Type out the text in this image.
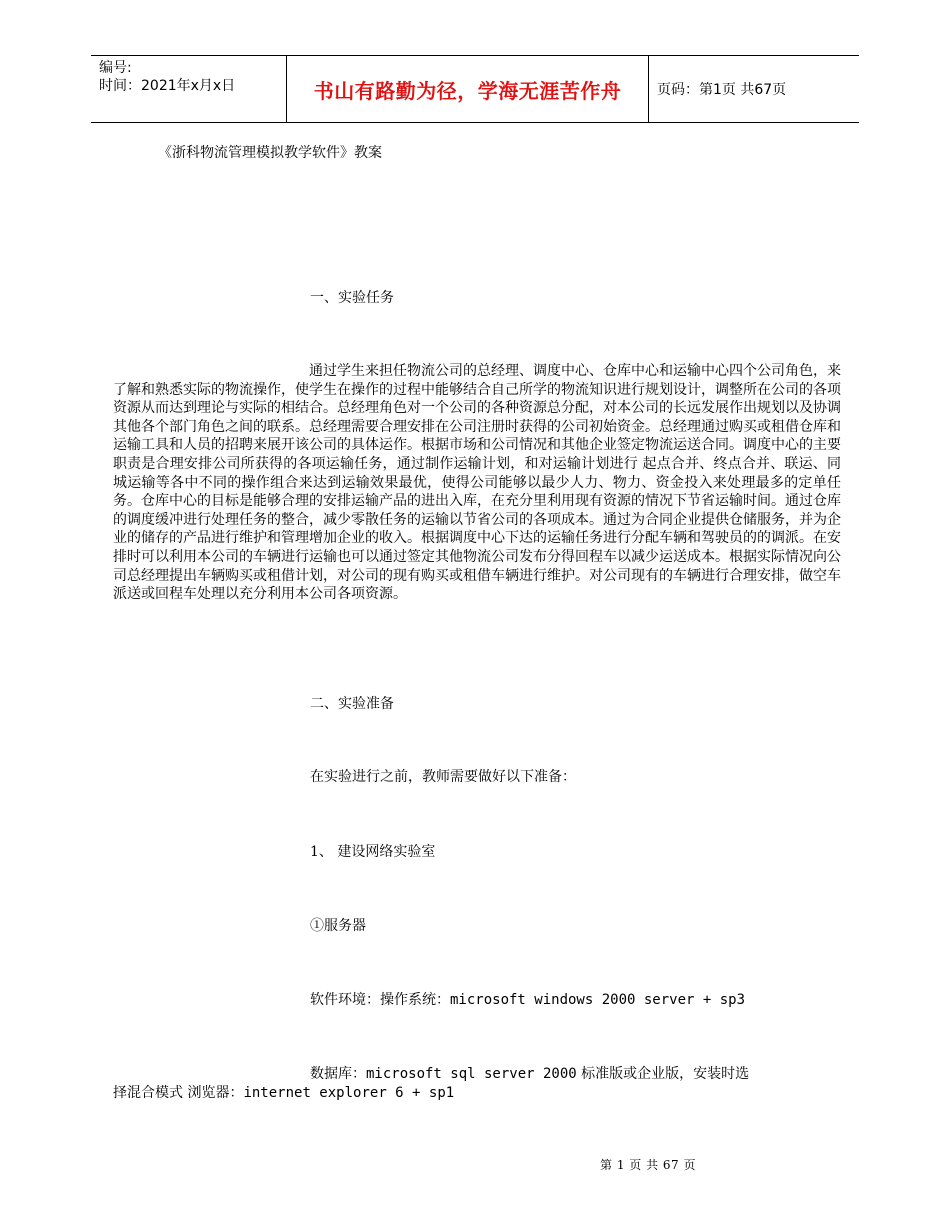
编号:
时间：2021年x月x日	书山有路勤为径，学海无涯苦作舟	页码：第1页 共67页
《浙科物流管理模拟教学软件》教案
一、实验任务
通过学生来担任物流公司的总经理、调度中心、仓库中心和运输中心四个公司角色，来了解和熟悉实际的物流操作，使学生在操作的过程中能够结合自己所学的物流知识进行规划设计，调整所在公司的各项资源从而达到理论与实际的相结合。总经理角色对一个公司的各种资源总分配，对本公司的长远发展作出规划以及协调其他各个部门角色之间的联系。总经理需要合理安排在公司注册时获得的公司初始资金。总经理通过购买或租借仓库和运输工具和人员的招聘来展开该公司的具体运作。根据市场和公司情况和其他企业签定物流运送合同。调度中心的主要职责是合理安排公司所获得的各项运输任务，通过制作运输计划，和对运输计划进行 起点合并、终点合并、联运、同城运输等各中不同的操作组合来达到运输效果最优，使得公司能够以最少人力、物力、资金投入来处理最多的定单任务。仓库中心的目标是能够合理的安排运输产品的进出入库，在充分里利用现有资源的情况下节省运输时间。通过仓库的调度缓冲进行处理任务的整合，减少零散任务的运输以节省公司的各项成本。通过为合同企业提供仓储服务，并为企业的储存的产品进行维护和管理增加企业的收入。根据调度中心下达的运输任务进行分配车辆和驾驶员的的调派。在安排时可以利用本公司的车辆进行运输也可以通过签定其他物流公司发布分得回程车以减少运送成本。根据实际情况向公司总经理提出车辆购买或租借计划，对公司的现有购买或租借车辆进行维护。对公司现有的车辆进行合理安排，做空车派送或回程车处理以充分利用本公司各项资源。
二、实验准备
在实验进行之前，教师需要做好以下准备：
1、 建设网络实验室
①服务器
软件环境：操作系统：microsoft windows 2000 server + sp3
数据库：microsoft sql server 2000 标准版或企业版，安装时选
择混合模式 浏览器：internet explorer 6 + sp1
第 1 页 共 67 页
